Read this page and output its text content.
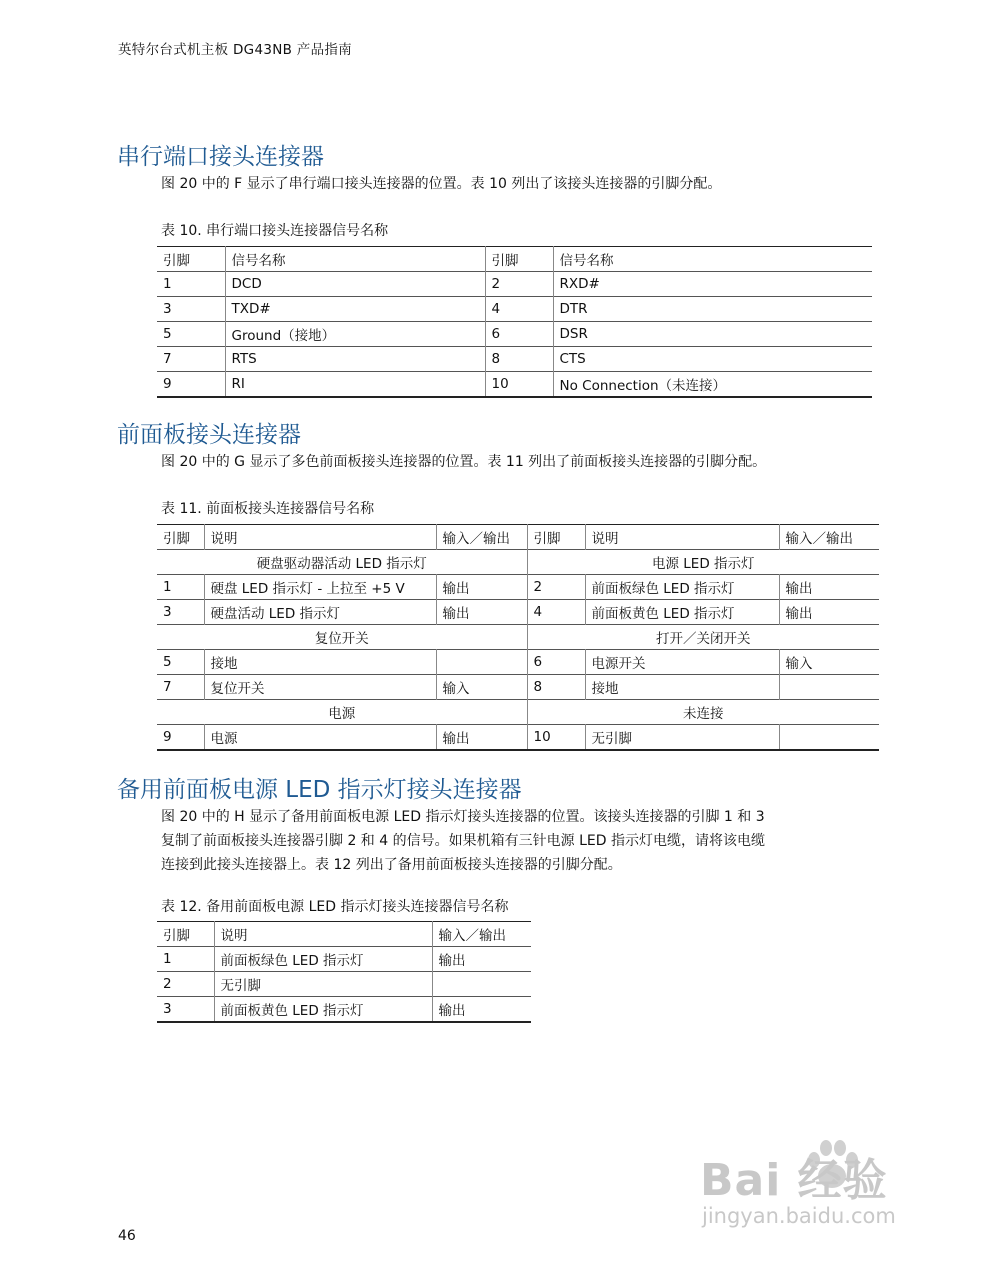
英特尔台式机主板 DG43NB 产品指南
串行端口接头连接器

图 20 中的 F 显示了串行端口接头连接器的位置。表 10 列出了该接头连接器的引脚分配。

表 10. 串行端口接头连接器信号名称
引脚	信号名称	引脚	信号名称
1	DCD	2	RXD#
3	TXD#	4	DTR
5	Ground（接地）	6	DSR
7	RTS	8	CTS
9	RI	10	No Connection（未连接）
前面板接头连接器

图 20 中的 G 显示了多色前面板接头连接器的位置。表 11 列出了前面板接头连接器的引脚分配。

表 11. 前面板接头连接器信号名称
引脚	说明	输入／输出	引脚	说明	输入／输出
硬盘驱动器活动 LED 指示灯			电源 LED 指示灯		
1	硬盘 LED 指示灯 - 上拉至 +5 V	输出	2	前面板绿色 LED 指示灯	输出
3	硬盘活动 LED 指示灯	输出	4	前面板黄色 LED 指示灯	输出
复位开关			打开／关闭开关		
5	接地		6	电源开关	输入
7	复位开关	输入	8	接地	
电源			未连接		
9	电源	输出	10	无引脚	
备用前面板电源 LED 指示灯接头连接器

图 20 中的 H 显示了备用前面板电源 LED 指示灯接头连接器的位置。该接头连接器的引脚 1 和 3

复制了前面板接头连接器引脚 2 和 4 的信号。如果机箱有三针电源 LED 指示灯电缆，请将该电缆

连接到此接头连接器上。表 12 列出了备用前面板接头连接器的引脚分配。

表 12. 备用前面板电源 LED 指示灯接头连接器信号名称
引脚	说明	输入／输出
1	前面板绿色 LED 指示灯	输出
2	无引脚	
3	前面板黄色 LED 指示灯	输出
46
Bai 经验
jingyan.baidu.com
